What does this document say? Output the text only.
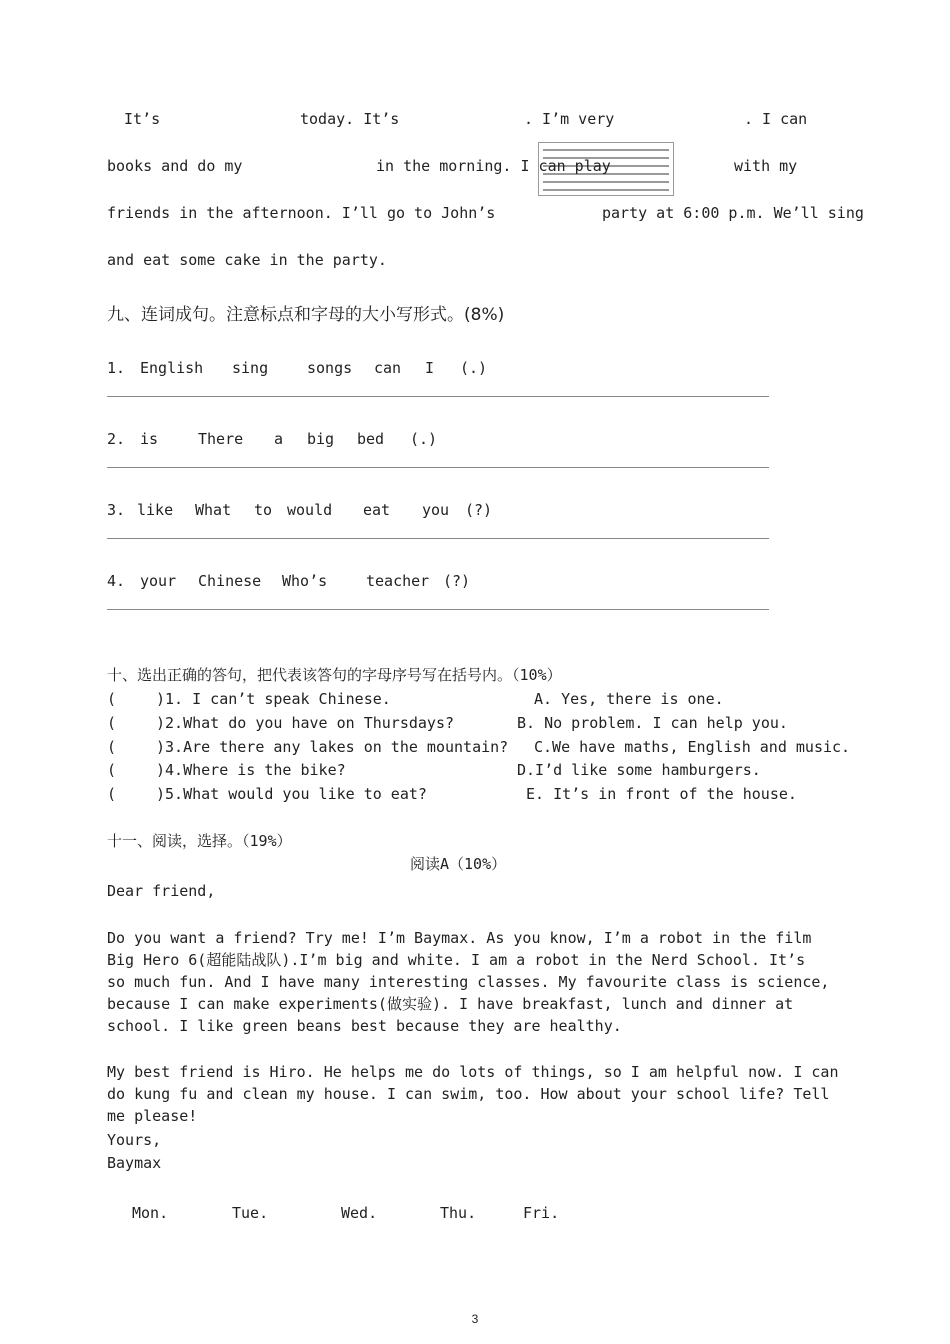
It’s	today. It’s	. I’m very	. I can
books and do my	in the morning. I can play	with my
friends in the afternoon. I’ll go to John’s	party at 6:00 p.m. We’ll sing
and eat some cake in the party.
九、连词成句。注意标点和字母的大小写形式。(8%)
1. English sing	songs can I (.)
2. is	There a big bed (.)
3. like What to would eat you (?)
4. your Chinese Who’s	teacher (?)
十、选出正确的答句，把代表该答句的字母序号写在括号内。（10%）
(	)1. I can’t speak Chinese.	A. Yes, there is one.
(	)2.What do you have on Thursdays?	B. No problem. I can help you.
(	)3.Are there any lakes on the mountain? C.We have maths, English and music.
(	)4.Where is the bike?	D.I’d like some hamburgers.
(	)5.What would you like to eat?	E. It’s in front of the house.
十一、阅读，选择。（19%）
阅读A（10%）
Dear friend,
Do you want a friend? Try me! I’m Baymax. As you know, I’m a robot in the film
Big Hero 6(超能陆战队).I’m big and white. I am a robot in the Nerd School. It’s
so much fun. And I have many interesting classes. My favourite class is science,
because I can make experiments(做实验). I have breakfast, lunch and dinner at
school. I like green beans best because they are healthy.
My best friend is Hiro. He helps me do lots of things, so I am helpful now. I can
do kung fu and clean my house. I can swim, too. How about your school life? Tell
me please!
Yours,
Baymax
Mon.	Tue.	Wed.	Thu.	Fri.
3
